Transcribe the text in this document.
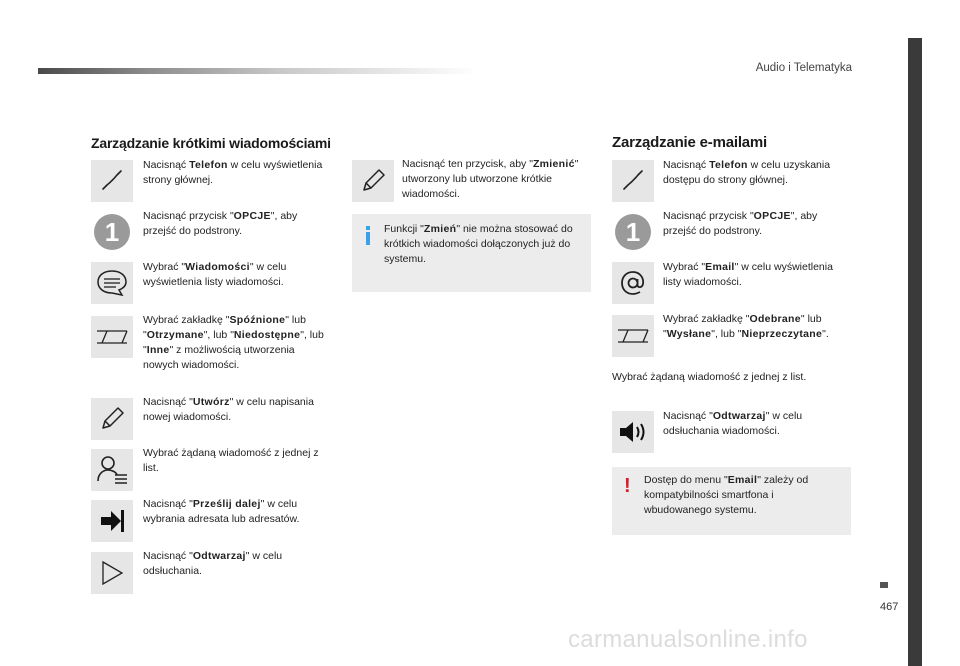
Audio i Telematyka
467
carmanualsonline.info
Zarządzanie krótkimi wiadomościami
Nacisnąć Telefon w celu wyświetlenia strony głównej.
1
Nacisnąć przycisk "OPCJE", aby przejść do podstrony.
Wybrać "Wiadomości" w celu wyświetlenia listy wiadomości.
Wybrać zakładkę "Spóźnione" lub "Otrzymane", lub "Niedostępne", lub "Inne" z możliwością utworzenia nowych wiadomości.
Nacisnąć "Utwórz" w celu napisania nowej wiadomości.
Wybrać żądaną wiadomość z jednej z list.
Nacisnąć "Prześlij dalej" w celu wybrania adresata lub adresatów.
Nacisnąć "Odtwarzaj" w celu odsłuchania.
Nacisnąć ten przycisk, aby "Zmienić" utworzony lub utworzone krótkie wiadomości.
Funkcji "Zmień" nie można stosować do krótkich wiadomości dołączonych już do systemu.
Zarządzanie e-mailami
Nacisnąć Telefon w celu uzyskania dostępu do strony głównej.
1
Nacisnąć przycisk "OPCJE", aby przejść do podstrony.
Wybrać "Email" w celu wyświetlenia listy wiadomości.
Wybrać zakładkę "Odebrane" lub "Wysłane", lub "Nieprzeczytane".
Wybrać żądaną wiadomość z jednej z list.
Nacisnąć "Odtwarzaj" w celu odsłuchania wiadomości.
! Dostęp do menu "Email" zależy od kompatybilności smartfona i wbudowanego systemu.
